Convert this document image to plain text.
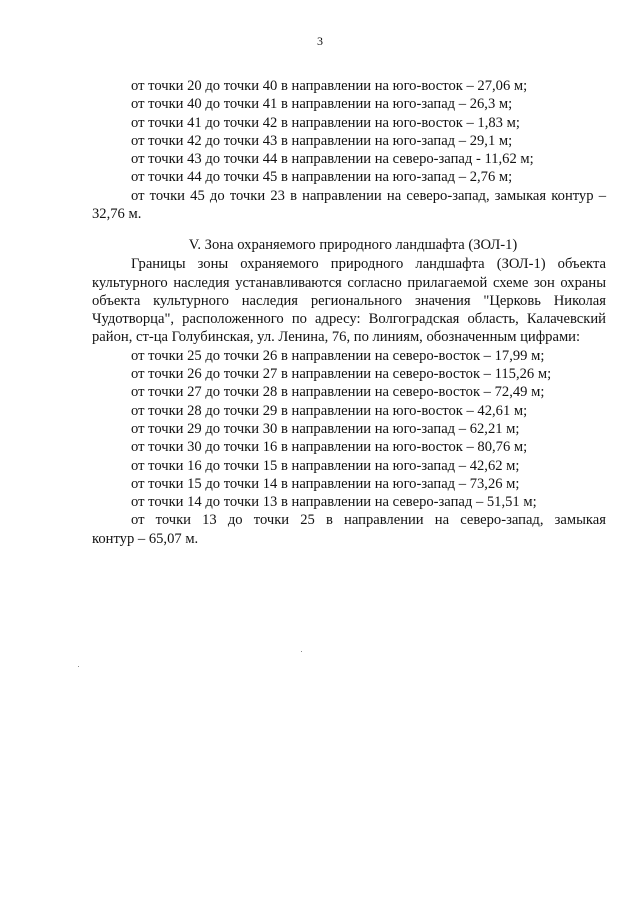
3
от точки 20 до точки 40 в направлении на юго-восток – 27,06 м;
от точки 40 до точки 41 в направлении на юго-запад – 26,3 м;
от точки 41 до точки 42 в направлении на юго-восток – 1,83 м;
от точки 42 до точки 43 в направлении на юго-запад – 29,1 м;
от точки 43 до точки 44 в направлении на северо-запад - 11,62 м;
от точки 44 до точки 45 в направлении на юго-запад – 2,76 м;
от точки 45 до точки 23 в направлении на северо-запад, замыкая контур –
32,76 м.
V. Зона охраняемого природного ландшафта (ЗОЛ-1)
Границы зоны охраняемого природного ландшафта (ЗОЛ-1) объекта
культурного наследия устанавливаются согласно прилагаемой схеме зон охраны
объекта культурного наследия регионального значения "Церковь Николая
Чудотворца", расположенного по адресу: Волгоградская область, Калачевский
район, ст-ца Голубинская, ул. Ленина, 76, по линиям, обозначенным цифрами:
от точки 25 до точки 26 в направлении на северо-восток – 17,99 м;
от точки 26 до точки 27 в направлении на северо-восток – 115,26 м;
от точки 27 до точки 28 в направлении на северо-восток – 72,49 м;
от точки 28 до точки 29 в направлении на юго-восток – 42,61 м;
от точки 29 до точки 30 в направлении на юго-запад – 62,21 м;
от точки 30 до точки 16 в направлении на юго-восток – 80,76 м;
от точки 16 до точки 15 в направлении на юго-запад – 42,62 м;
от точки 15 до точки 14 в направлении на юго-запад – 73,26 м;
от точки 14 до точки 13 в направлении на северо-запад – 51,51 м;
от точки 13 до точки 25 в направлении на северо-запад, замыкая
контур – 65,07 м.
